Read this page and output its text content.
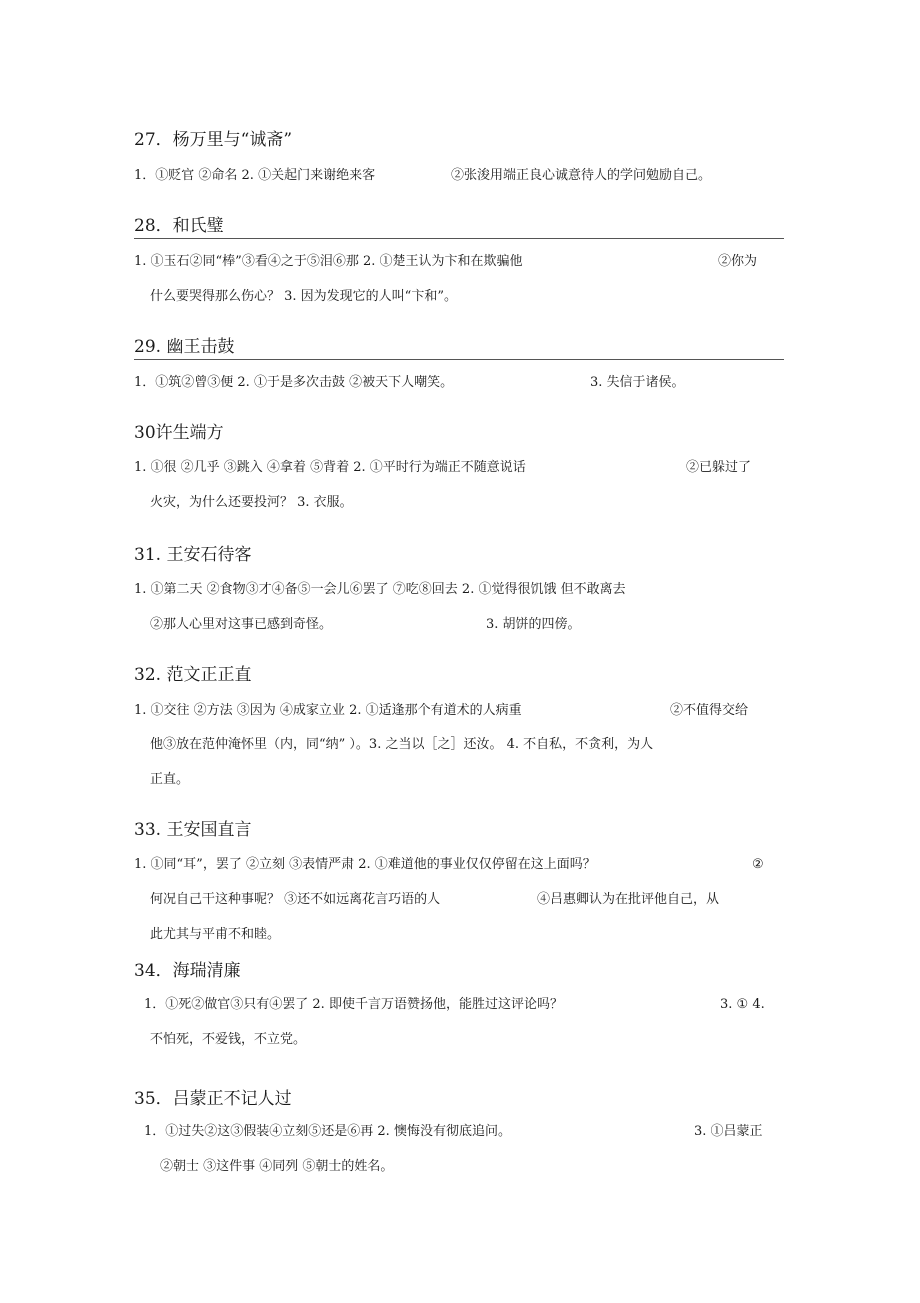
27．杨万里与“诚斋”
1．①贬官 ②命名 2. ①关起门来谢绝来客	②张浚用端正良心诚意待人的学问勉励自己。
28．和氏璧
1. ①玉石②同“棒”③看④之于⑤泪⑥那 2. ①楚王认为卞和在欺骗他	②你为
什么要哭得那么伤心？ 3. 因为发现它的人叫“卞和”。
29. 幽王击鼓
1．①筑②曾③便 2. ①于是多次击鼓 ②被天下人嘲笑。	3. 失信于诸侯。
30许生端方
1. ①很 ②几乎 ③跳入 ④拿着 ⑤背着 2. ①平时行为端正不随意说话	②已躲过了
火灾，为什么还要投河？ 3. 衣服。
31. 王安石待客
1. ①第二天 ②食物③才④备⑤一会儿⑥罢了 ⑦吃⑧回去 2. ①觉得很饥饿 但不敢离去
②那人心里对这事已感到奇怪。	3. 胡饼的四傍。
32. 范文正正直
1. ①交往 ②方法 ③因为 ④成家立业 2. ①适逢那个有道术的人病重	②不值得交给
他③放在范仲淹怀里（内，同“纳” ）。3. 之当以［之］还汝。 4. 不自私，不贪利，为人
正直。
33. 王安国直言
1. ①同“耳”，罢了 ②立刻 ③表情严肃 2. ①难道他的事业仅仅停留在这上面吗？	②
何况自己干这种事呢？ ③还不如远离花言巧语的人	④吕惠卿认为在批评他自己，从
此尤其与平甫不和睦。
34．海瑞清廉
1．①死②做官③只有④罢了 2. 即使千言万语赞扬他，能胜过这评论吗？	3. ① 4.
不怕死，不爱钱，不立党。
35．吕蒙正不记人过
1．①过失②这③假装④立刻⑤还是⑥再 2. 懊悔没有彻底追问。	3. ①吕蒙正
②朝士 ③这件事 ④同列 ⑤朝士的姓名。
